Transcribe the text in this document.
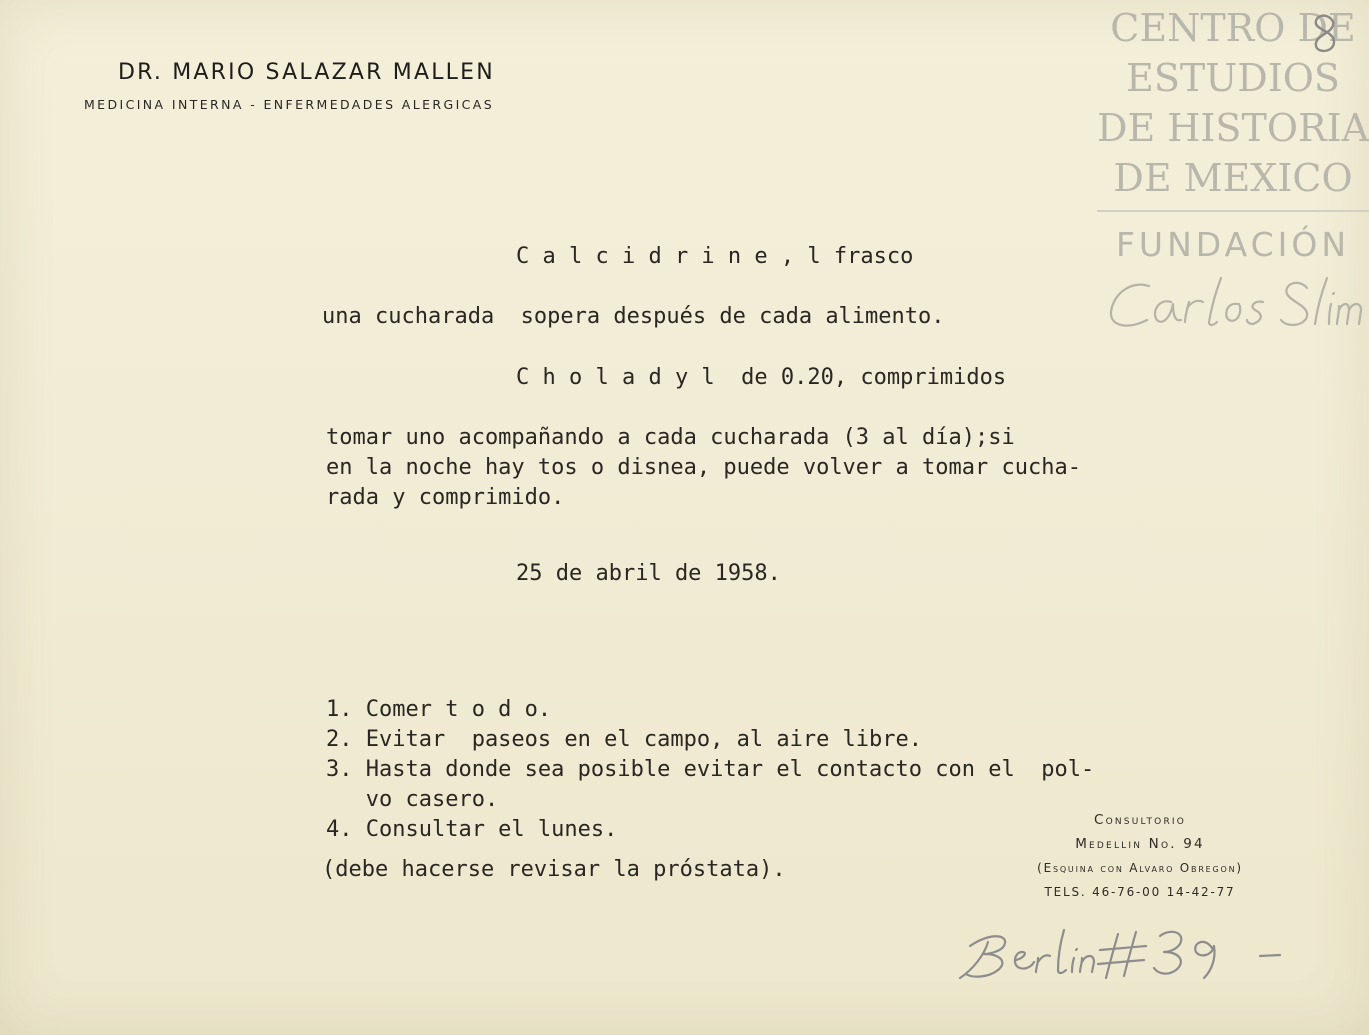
DR. MARIO SALAZAR MALLEN
MEDICINA INTERNA - ENFERMEDADES ALERGICAS
C a l c i d r i n e , l frasco
una cucharada  sopera después de cada alimento.
C h o l a d y l  de 0.20, comprimidos
tomar uno acompañando a cada cucharada (3 al día);si
en la noche hay tos o disnea, puede volver a tomar cucha-
rada y comprimido.
25 de abril de 1958.
1. Comer t o d o.
2. Evitar  paseos en el campo, al aire libre.
3. Hasta donde sea posible evitar el contacto con el  pol-
vo casero.
4. Consultar el lunes.
(debe hacerse revisar la próstata).
Consultorio
Medellin No. 94
(Esquina con Alvaro Obregon)
TELS. 46-76-00 14-42-77
CENTRO DE
ESTUDIOS
DE HISTORIA
DE MEXICO
FUNDACIÓN
